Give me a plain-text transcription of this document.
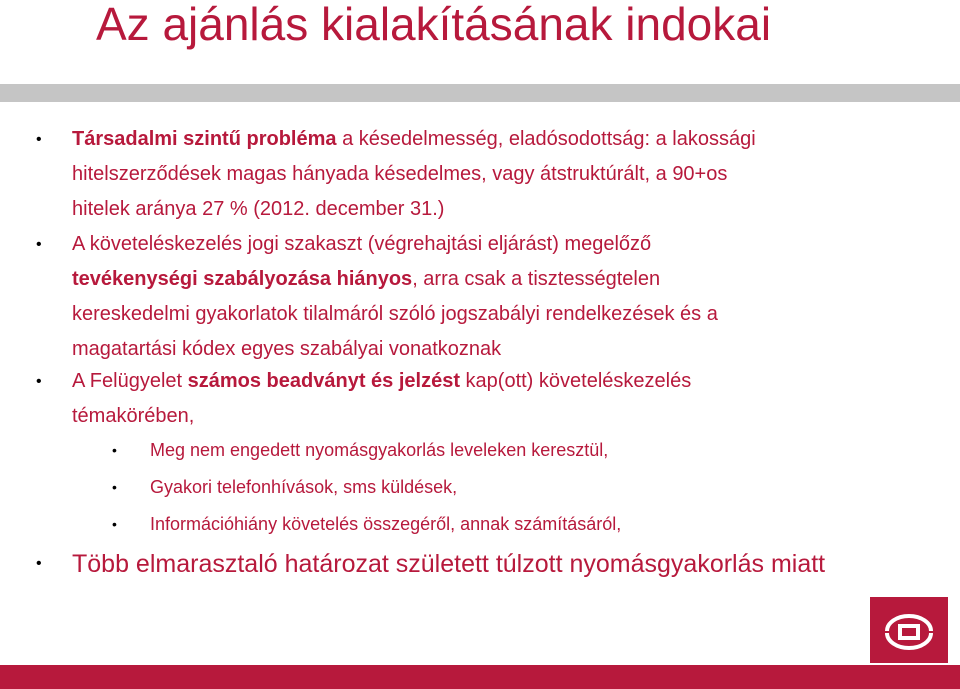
Az ajánlás kialakításának indokai
•	Társadalmi szintű probléma a késedelmesség, eladósodottság: a lakossági
hitelszerződések magas hányada késedelmes, vagy átstruktúrált, a 90+os
hitelek aránya 27 % (2012. december 31.)
•	A követeléskezelés jogi szakaszt (végrehajtási eljárást) megelőző
tevékenységi szabályozása hiányos, arra csak a tisztességtelen
kereskedelmi gyakorlatok tilalmáról szóló jogszabályi rendelkezések és a
magatartási kódex egyes szabályai vonatkoznak
•	A Felügyelet számos beadványt és jelzést kap(ott) követeléskezelés
témakörében,
•	Meg nem engedett nyomásgyakorlás leveleken keresztül,
•	Gyakori telefonhívások, sms küldések,
•	Információhiány követelés összegéről, annak számításáról,
•	Több elmarasztaló határozat született túlzott nyomásgyakorlás miatt
